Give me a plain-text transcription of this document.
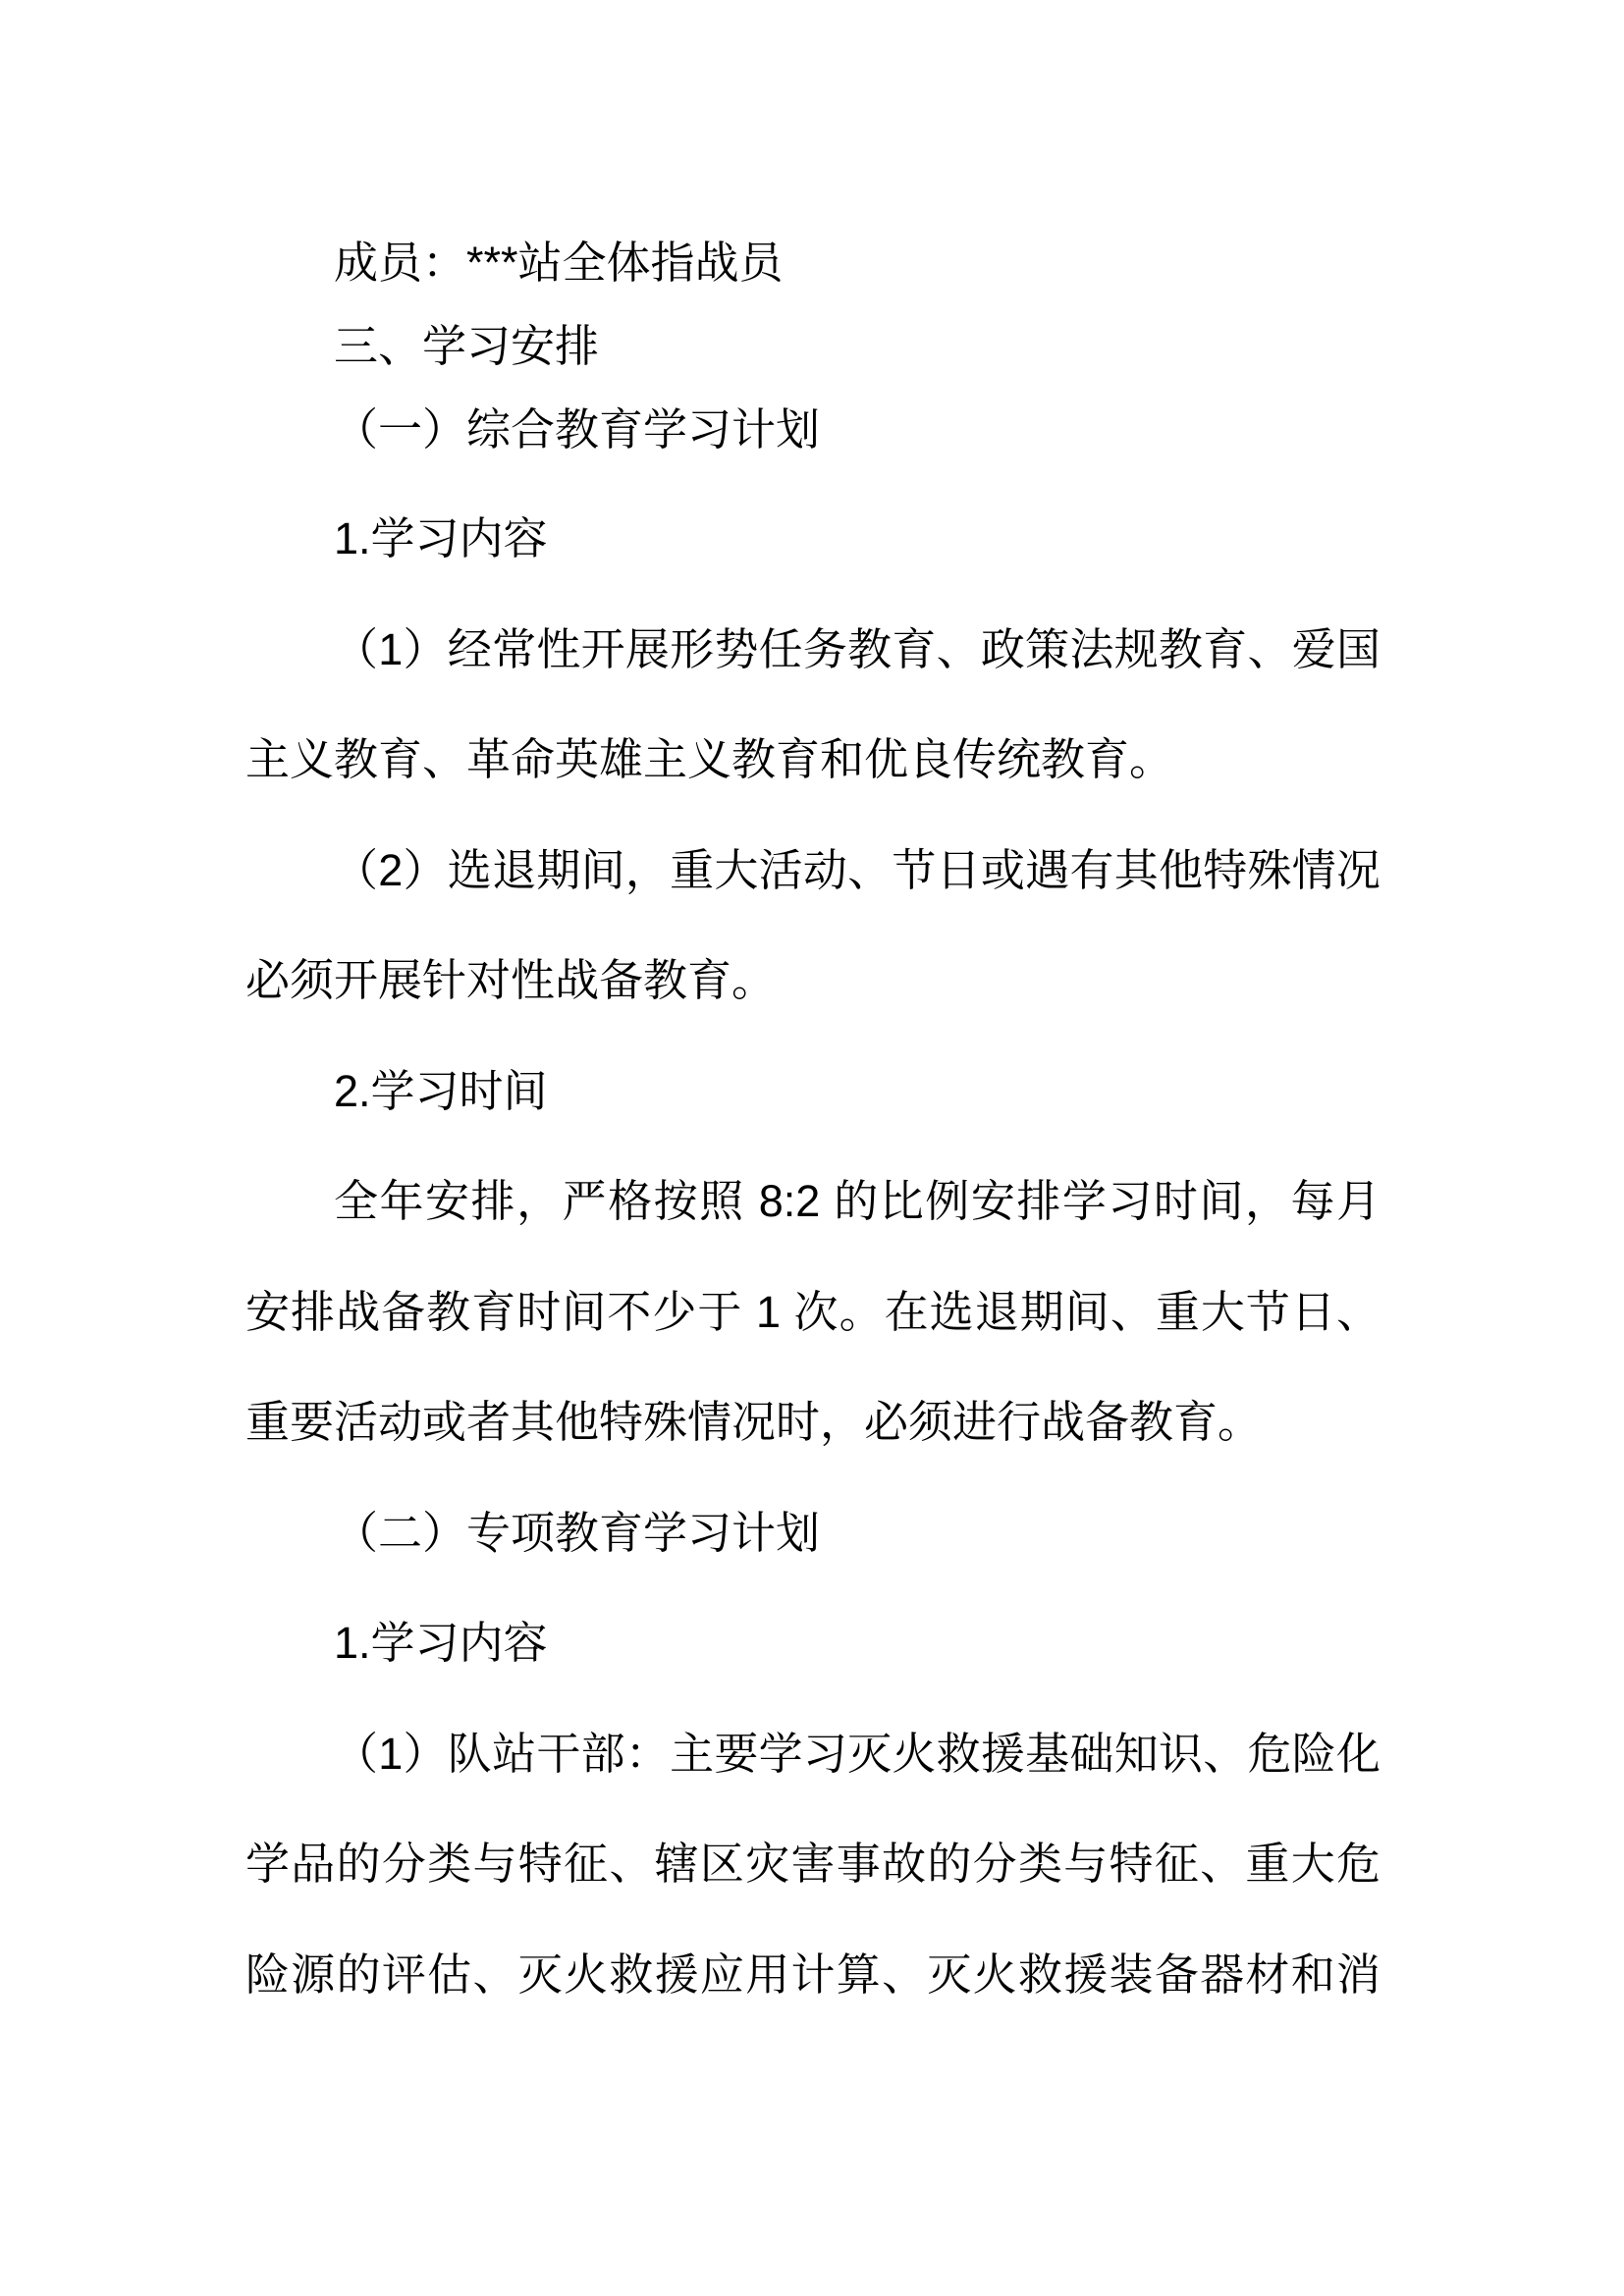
成员：***站全体指战员
三、学习安排
（一）综合教育学习计划
1.学习内容
（1）经常性开展形势任务教育、政策法规教育、爱国
主义教育、革命英雄主义教育和优良传统教育。
（2）选退期间，重大活动、节日或遇有其他特殊情况
必须开展针对性战备教育。
2.学习时间
全年安排，严格按照 8:2 的比例安排学习时间，每月
安排战备教育时间不少于 1 次。在选退期间、重大节日、
重要活动或者其他特殊情况时，必须进行战备教育。
（二）专项教育学习计划
1.学习内容
（1）队站干部：主要学习灭火救援基础知识、危险化
学品的分类与特征、辖区灾害事故的分类与特征、重大危
险源的评估、灭火救援应用计算、灭火救援装备器材和消
